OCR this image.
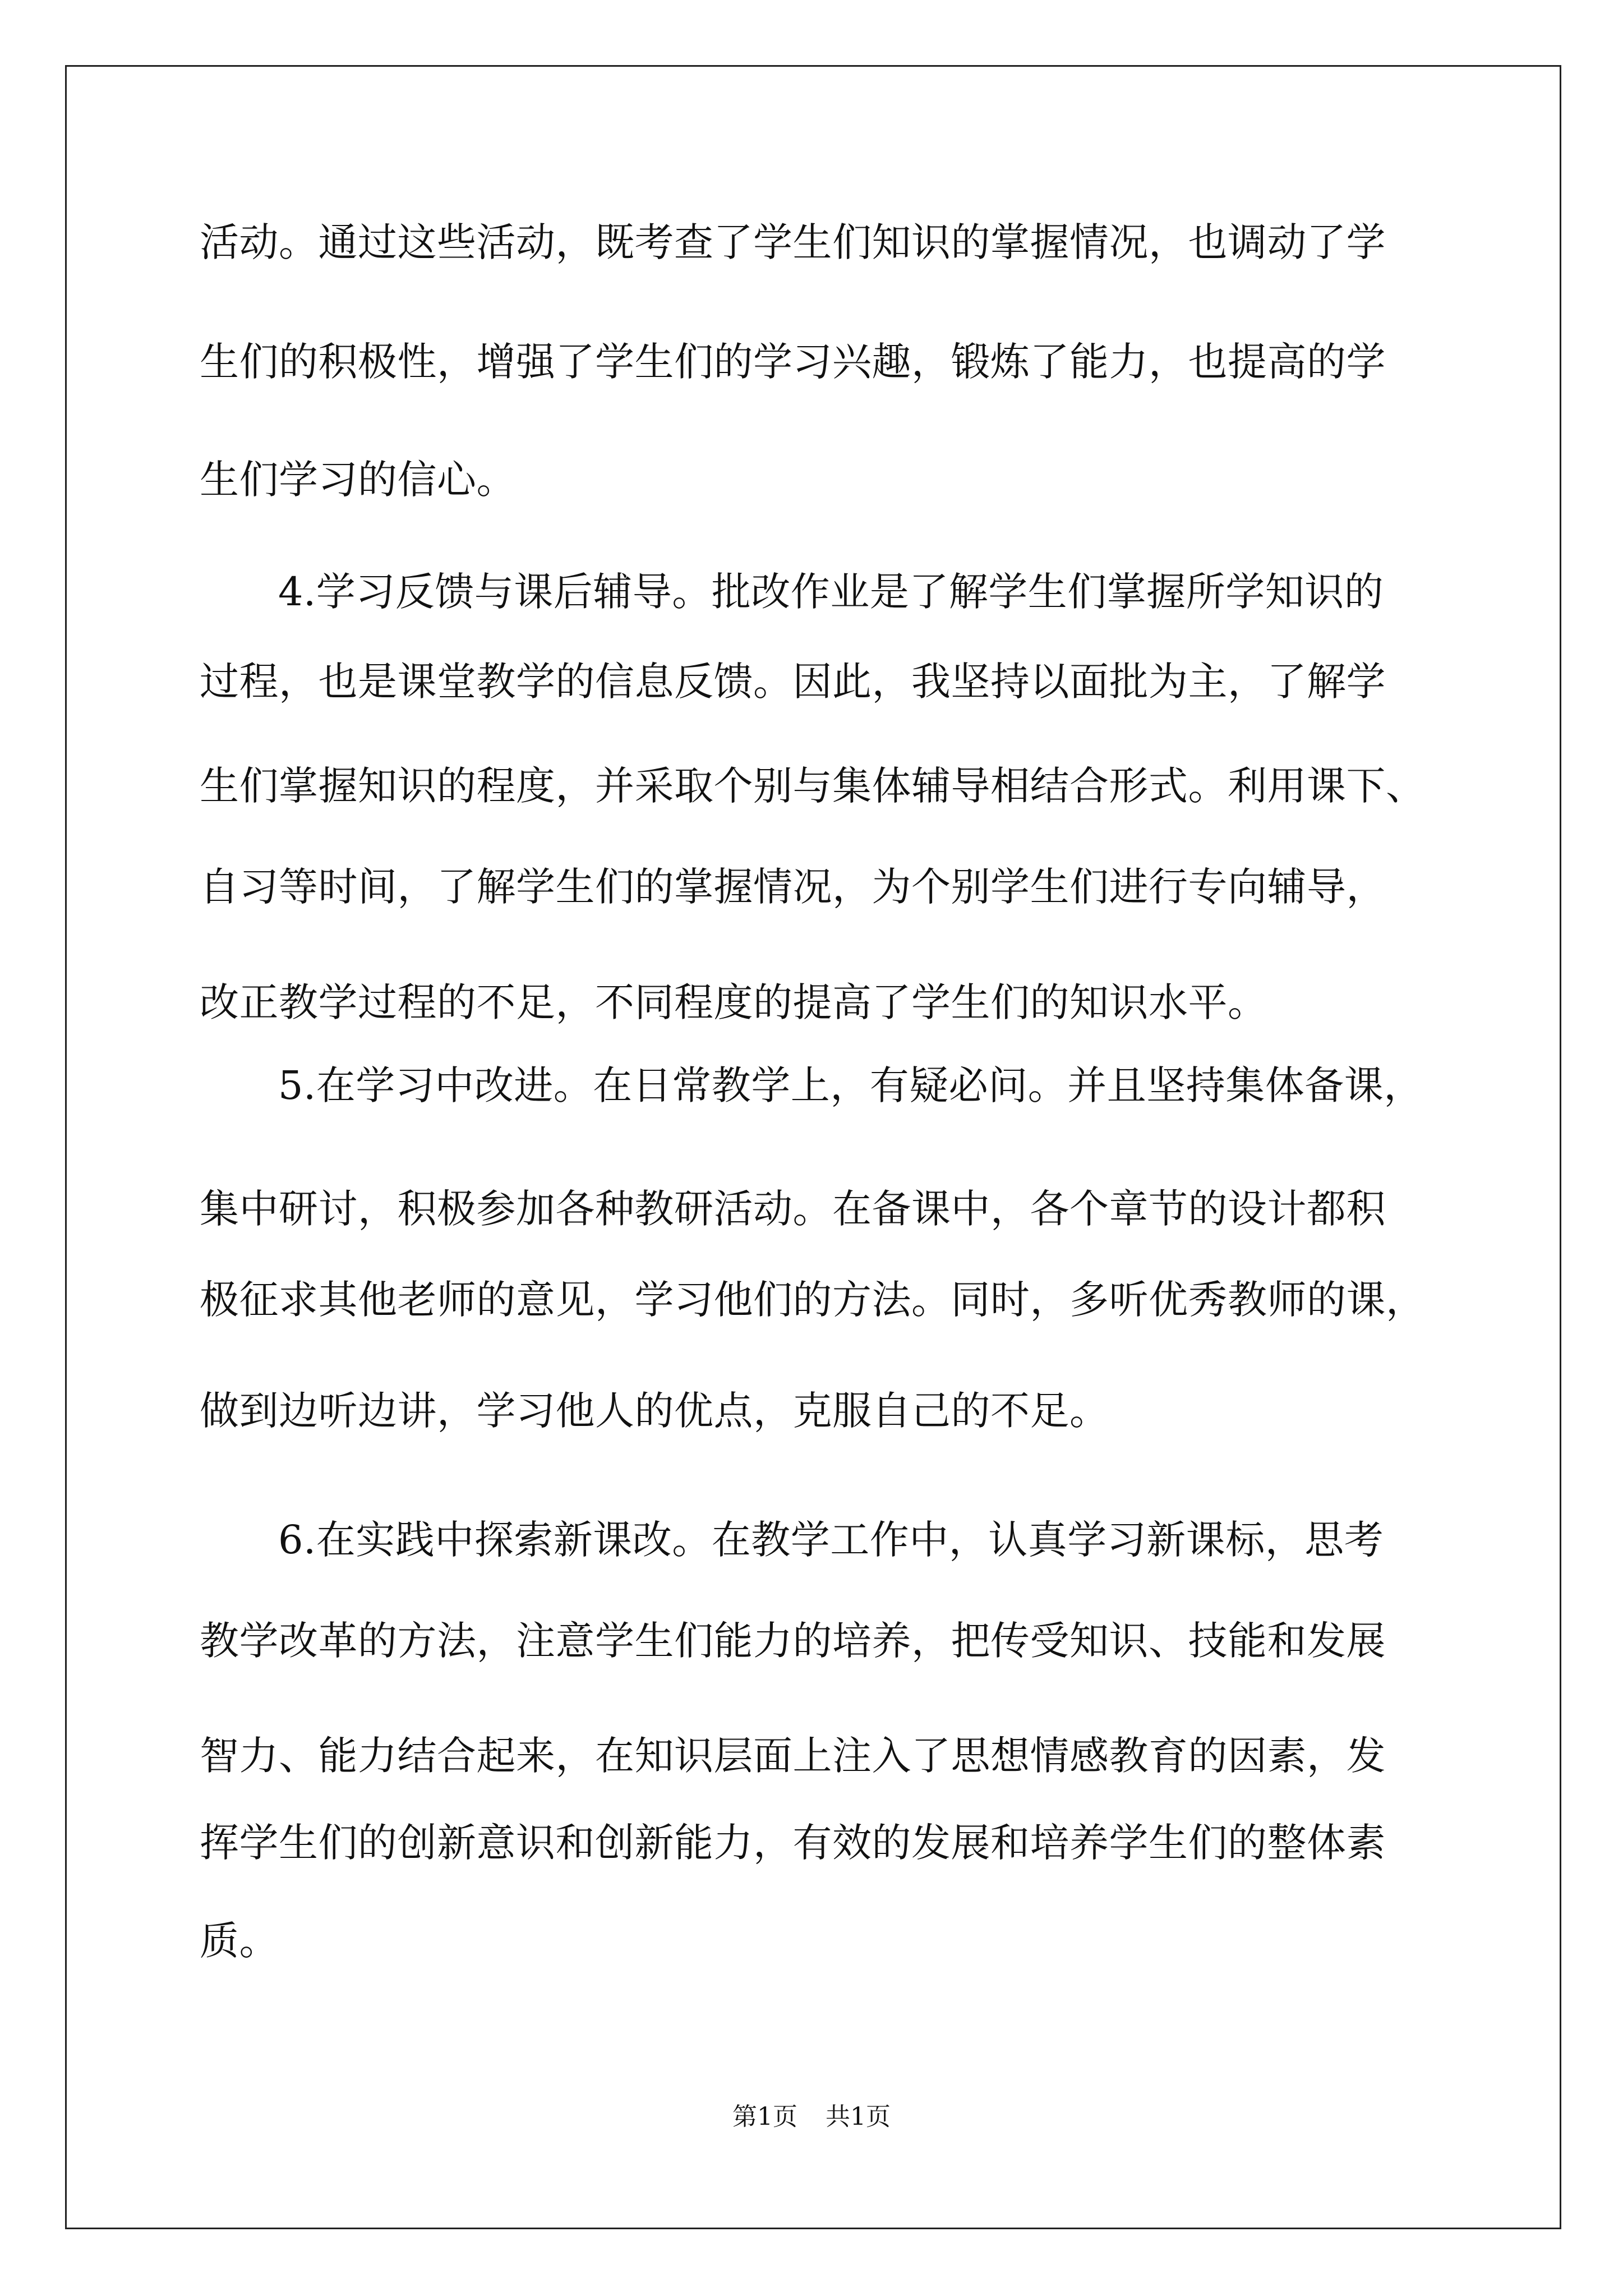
活动。通过这些活动，既考查了学生们知识的掌握情况，也调动了学

生们的积极性，增强了学生们的学习兴趣，锻炼了能力，也提高的学

生们学习的信心。

4.学习反馈与课后辅导。批改作业是了解学生们掌握所学知识的

过程，也是课堂教学的信息反馈。因此，我坚持以面批为主，了解学

生们掌握知识的程度，并采取个别与集体辅导相结合形式。利用课下、

自习等时间，了解学生们的掌握情况，为个别学生们进行专向辅导，

改正教学过程的不足，不同程度的提高了学生们的知识水平。

5.在学习中改进。在日常教学上，有疑必问。并且坚持集体备课，

集中研讨，积极参加各种教研活动。在备课中，各个章节的设计都积

极征求其他老师的意见，学习他们的方法。同时，多听优秀教师的课，

做到边听边讲，学习他人的优点，克服自己的不足。

6.在实践中探索新课改。在教学工作中，认真学习新课标，思考

教学改革的方法，注意学生们能力的培养，把传受知识、技能和发展

智力、能力结合起来，在知识层面上注入了思想情感教育的因素，发

挥学生们的创新意识和创新能力，有效的发展和培养学生们的整体素

质。

第1页 共1页
